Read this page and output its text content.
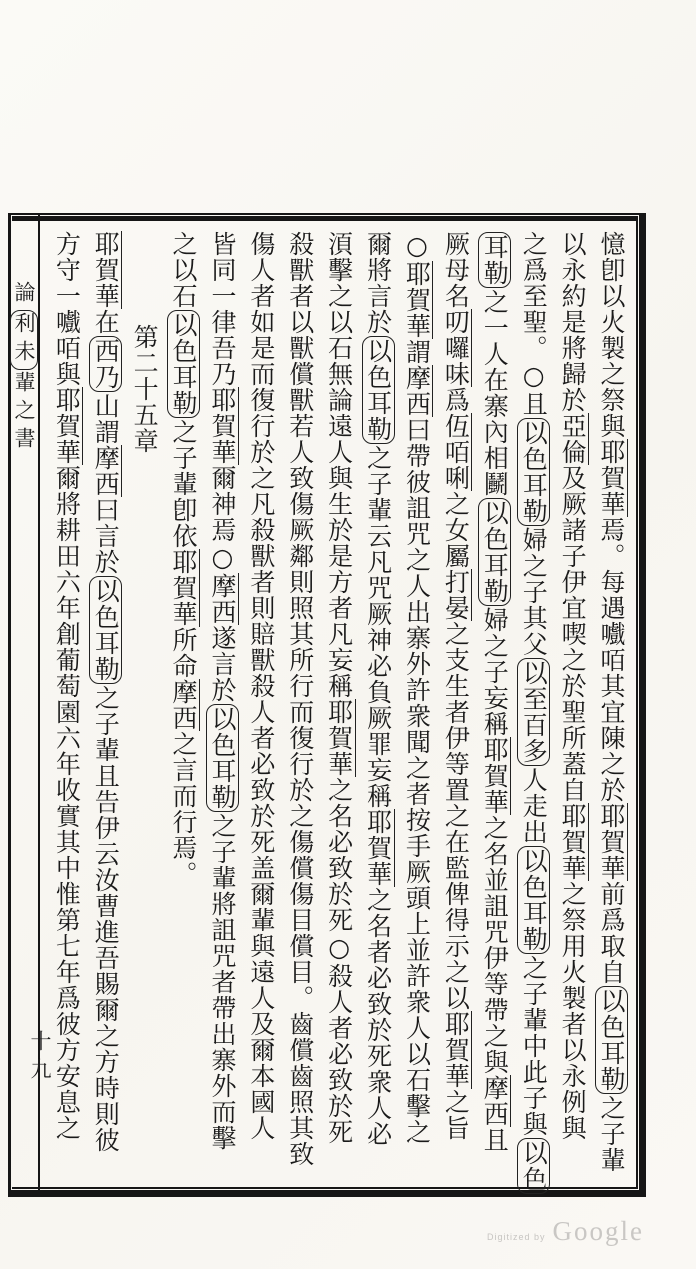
論利未輩之書
十九
憶卽以火製之祭與耶賀華焉。每遇嚱咟其宜陳之於耶賀華前爲取自以色耳勒之子輩
以永約是將歸於亞倫及厥諸子伊宜喫之於聖所蓋自耶賀華之祭用火製者以永例與
之爲至聖。○且以色耳勒婦之子其父以至百多人走出以色耳勒之子輩中此子與以色
耳勒之一人在寨內相鬭以色耳勒婦之子妄稱耶賀華之名並詛咒伊等帶之與摩西且
厥母名叨囉味爲仾咟唎之女屬打晏之支生者伊等置之在監俾得示之以耶賀華之旨
○耶賀華謂摩西曰帶彼詛咒之人出寨外許衆聞之者按手厥頭上並許衆人以石擊之
爾將言於以色耳勒之子輩云凡咒厥神必負厥罪妄稱耶賀華之名者必致於死衆人必
湏擊之以石無論遠人與生於是方者凡妄稱耶賀華之名必致於死○殺人者必致於死
殺獸者以獸償獸若人致傷厥鄰則照其所行而復行於之傷償傷目償目。齒償齒照其致
傷人者如是而復行於之凡殺獸者則賠獸殺人者必致於死盖爾輩與遠人及爾本國人
皆同一律吾乃耶賀華爾神焉○摩西遂言於以色耳勒之子輩將詛咒者帶出寨外而擊
之以石以色耳勒之子輩卽依耶賀華所命摩西之言而行焉。
第二十五章
耶賀華在西乃山謂摩西曰言於以色耳勒之子輩且告伊云汝曹進吾賜爾之方時則彼
方守一嚱咟與耶賀華爾將耕田六年創葡萄園六年收實其中惟第七年爲彼方安息之
Digitized by Google
